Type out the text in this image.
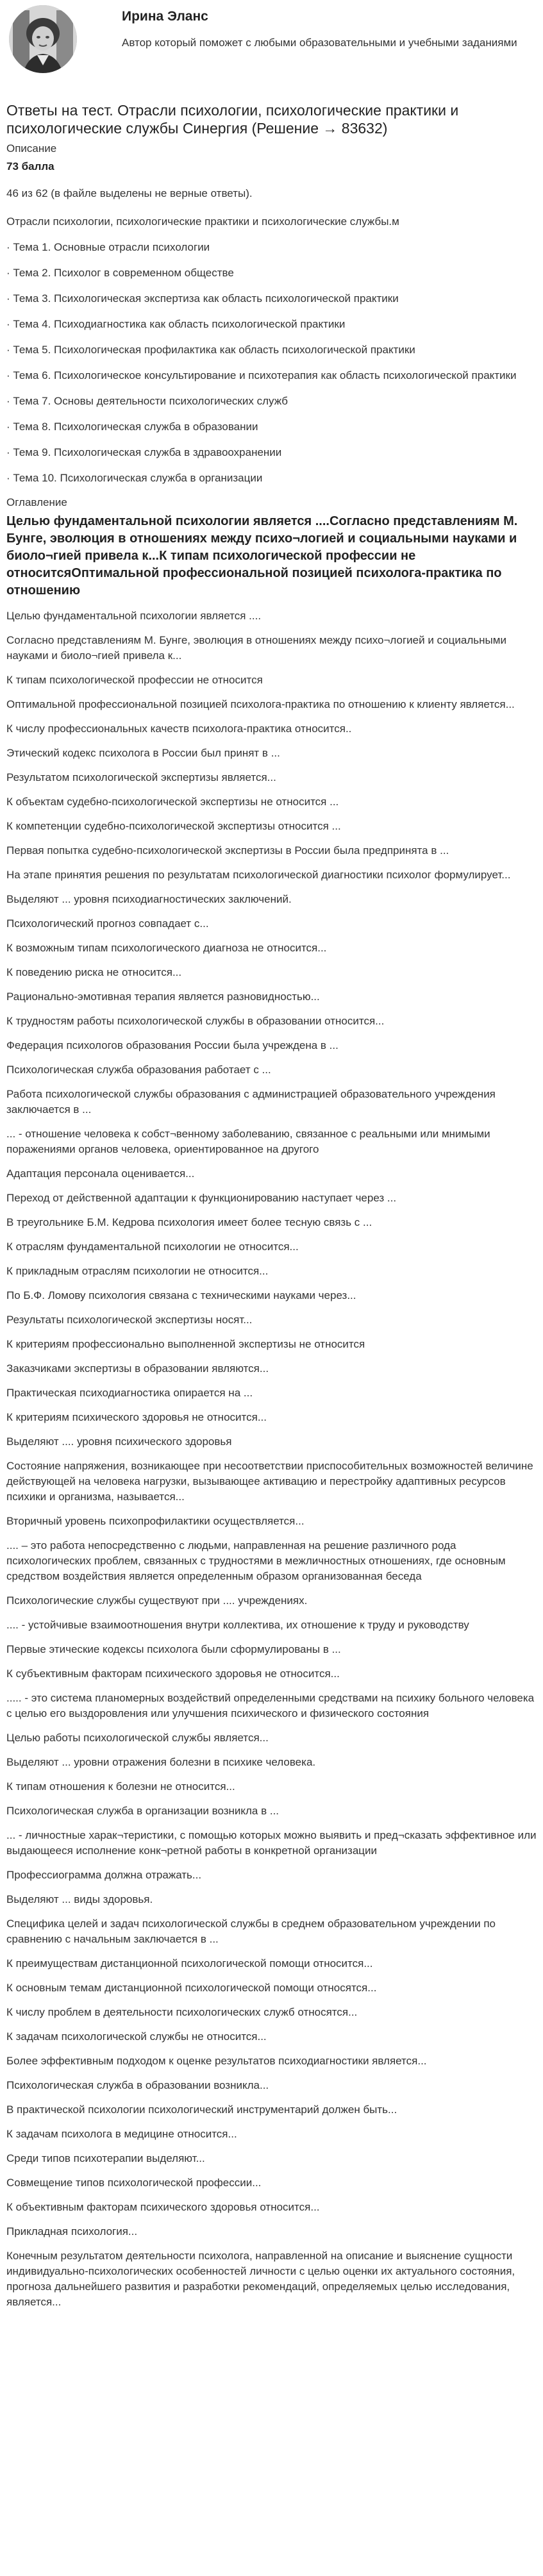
Ирина Эланс
Автор который поможет с любыми образовательными и учебными заданиями
Ответы на тест. Отрасли психологии, психологические практики и психологические службы Синергия (Решение → 83632)
Описание
73 балла
46 из 62 (в файле выделены не верные ответы).
Отрасли психологии, психологические практики и психологические службы.м

· Тема 1. Основные отрасли психологии

· Тема 2. Психолог в современном обществе

· Тема 3. Психологическая экспертиза как область психологической практики

· Тема 4. Психодиагностика как область психологической практики

· Тема 5. Психологическая профилактика как область психологической практики

· Тема 6. Психологическое консультирование и психотерапия как область психологической практики

· Тема 7. Основы деятельности психологических служб

· Тема 8. Психологическая служба в образовании

· Тема 9. Психологическая служба в здравоохранении

· Тема 10. Психологическая служба в организации

Оглавление
Целью фундаментальной психологии является ....Согласно представлениям М. Бунге, эволюция в отношениях между психо¬логией и социальными науками и биоло¬гией привела к...К типам психологической профессии не относитсяОптимальной профессиональной позицией психолога-практика по отношению

Целью фундаментальной психологии является ....

Согласно представлениям М. Бунге, эволюция в отношениях между психо¬логией и социальными науками и биоло¬гией привела к...

К типам психологической профессии не относится

Оптимальной профессиональной позицией психолога-практика по отношению к клиенту является...

К числу профессиональных качеств психолога-практика относится..

Этический кодекс психолога в России был принят в ...

Результатом психологической экспертизы является...

К объектам судебно-психологической экспертизы не относится ...

К компетенции судебно-психологической экспертизы относится ...

Первая попытка судебно-психологической экспертизы в России была предпринята в ...

На этапе принятия решения по результатам психологической диагностики психолог формулирует...

Выделяют ... уровня психодиагностических заключений.

Психологический прогноз совпадает с...

К возможным типам психологического диагноза не относится...

К поведению риска не относится...

Рационально-эмотивная терапия является разновидностью...

К трудностям работы психологической службы в образовании относится...

Федерация психологов образования России была учреждена в ...

Психологическая служба образования работает с ...

Работа психологической службы образования с администрацией образовательного учреждения заключается в ...

... - отношение человека к собст¬венному заболеванию, связанное с реальными или мнимыми поражениями органов человека, ориентированное на другого

Адаптация персонала оценивается...

Переход от действенной адаптации к функционированию наступает через ...

В треугольнике Б.М. Кедрова психология имеет более тесную связь с ...

К отраслям фундаментальной психологии не относится...

К прикладным отраслям психологии не относится...

По Б.Ф. Ломову психология связана с техническими науками через...

Результаты психологической экспертизы носят...

К критериям профессионально выполненной экспертизы не относится

Заказчиками экспертизы в образовании являются...

Практическая психодиагностика опирается на ...

К критериям психического здоровья не относится...

Выделяют .... уровня психического здоровья

Состояние напряжения, возникающее при несоответствии приспособительных возможностей величине действующей на человека нагрузки, вызывающее активацию и перестройку адаптивных ресурсов психики и организма, называется...

Вторичный уровень психопрофилактики осуществляется...

.... – это работа непосредственно с людьми, направленная на решение различного рода психологических проблем, связанных с трудностями в межличностных отношениях, где основным средством воздействия является определенным образом организованная беседа

Психологические службы существуют при .... учреждениях.

.... - устойчивые взаимоотношения внутри коллектива, их отношение к труду и руководству

Первые этические кодексы психолога были сформулированы в ...

К субъективным факторам психического здоровья не относится...

..... - это система планомерных воздействий определенными средствами на психику больного человека с целью его выздоровления или улучшения психического и физического состояния

Целью работы психологической службы является...

Выделяют ... уровни отражения болезни в психике человека.

К типам отношения к болезни не относится...

Психологическая служба в организации возникла в ...

... - личностные харак¬теристики, с помощью которых можно выявить и пред¬сказать эффективное или выдающееся исполнение конк¬ретной работы в конкретной организации

Профессиограмма должна отражать...

Выделяют ... виды здоровья.

Специфика целей и задач психологической службы в среднем образовательном учреждении по сравнению с начальным заключается в ...

К преимуществам дистанционной психологической помощи относится...

К основным темам дистанционной психологической помощи относятся...

К числу проблем в деятельности психологических служб относятся...

К задачам психологической службы не относится...

Более эффективным подходом к оценке результатов психодиагностики является...

Психологическая служба в образовании возникла...

В практической психологии психологический инструментарий должен быть...

К задачам психолога в медицине относится...

Среди типов психотерапии выделяют...

Совмещение типов психологической профессии...

К объективным факторам психического здоровья относится...

Прикладная психология...

Конечным результатом деятельности психолога, направленной на описание и выяснение сущности индивидуально-психологических особенностей личности с целью оценки их актуального состояния, прогноза дальнейшего развития и разработки рекомендаций, определяемых целью исследования, является...
